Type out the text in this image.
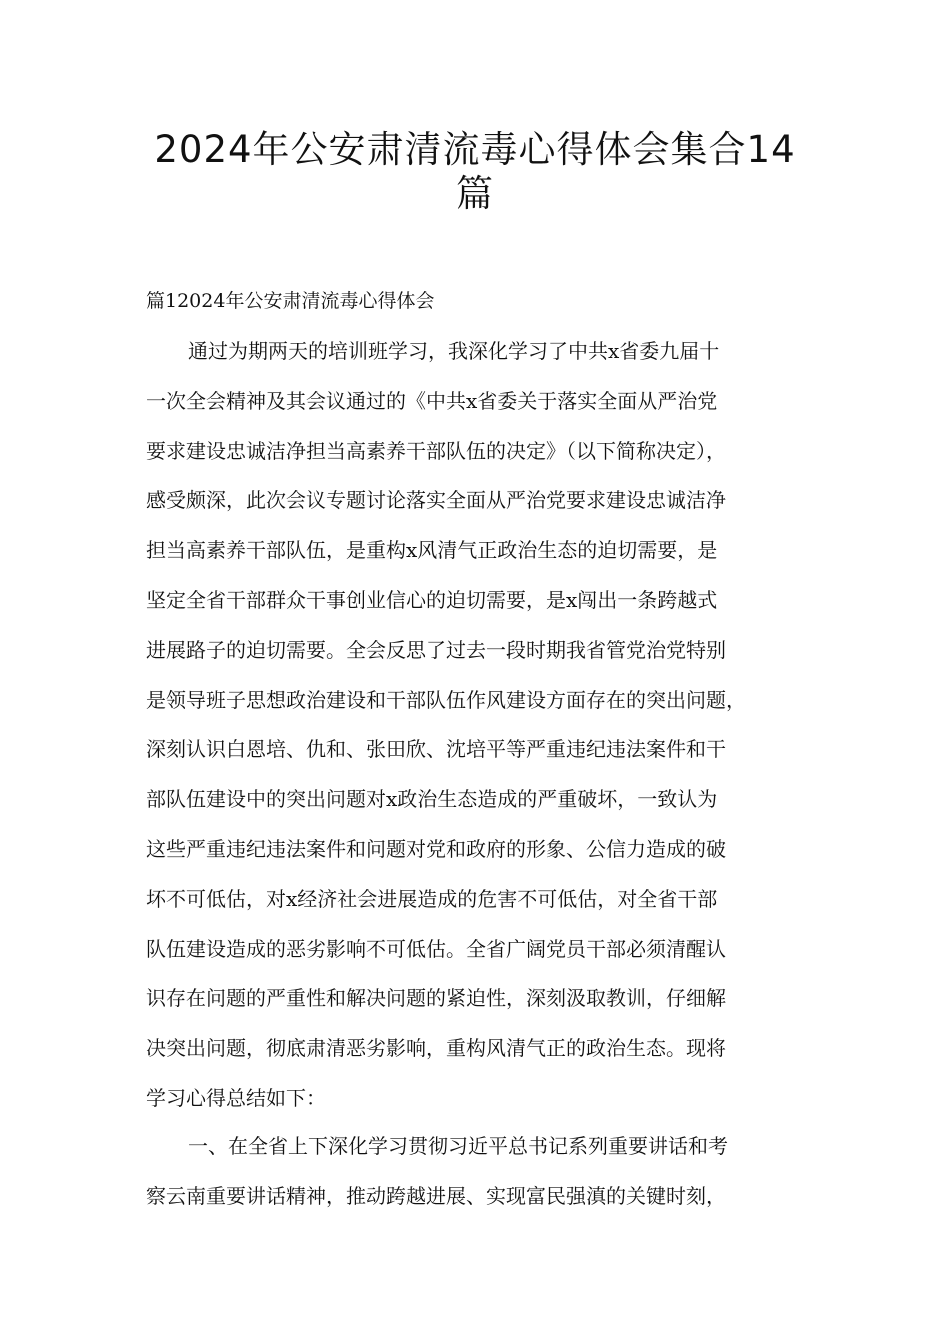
2024年公安肃清流毒心得体会集合14
篇

篇12024年公安肃清流毒心得体会

通过为期两天的培训班学习，我深化学习了中共x省委九届十
一次全会精神及其会议通过的《中共x省委关于落实全面从严治党
要求建设忠诚洁净担当高素养干部队伍的决定》（以下简称决定），
感受颇深，此次会议专题讨论落实全面从严治党要求建设忠诚洁净
担当高素养干部队伍，是重构x风清气正政治生态的迫切需要，是
坚定全省干部群众干事创业信心的迫切需要，是x闯出一条跨越式
进展路子的迫切需要。全会反思了过去一段时期我省管党治党特别
是领导班子思想政治建设和干部队伍作风建设方面存在的突出问题，
深刻认识白恩培、仇和、张田欣、沈培平等严重违纪违法案件和干
部队伍建设中的突出问题对x政治生态造成的严重破坏，一致认为
这些严重违纪违法案件和问题对党和政府的形象、公信力造成的破
坏不可低估，对x经济社会进展造成的危害不可低估，对全省干部
队伍建设造成的恶劣影响不可低估。全省广阔党员干部必须清醒认
识存在问题的严重性和解决问题的紧迫性，深刻汲取教训，仔细解
决突出问题，彻底肃清恶劣影响，重构风清气正的政治生态。现将
学习心得总结如下：
一、在全省上下深化学习贯彻习近平总书记系列重要讲话和考
察云南重要讲话精神，推动跨越进展、实现富民强滇的关键时刻，
